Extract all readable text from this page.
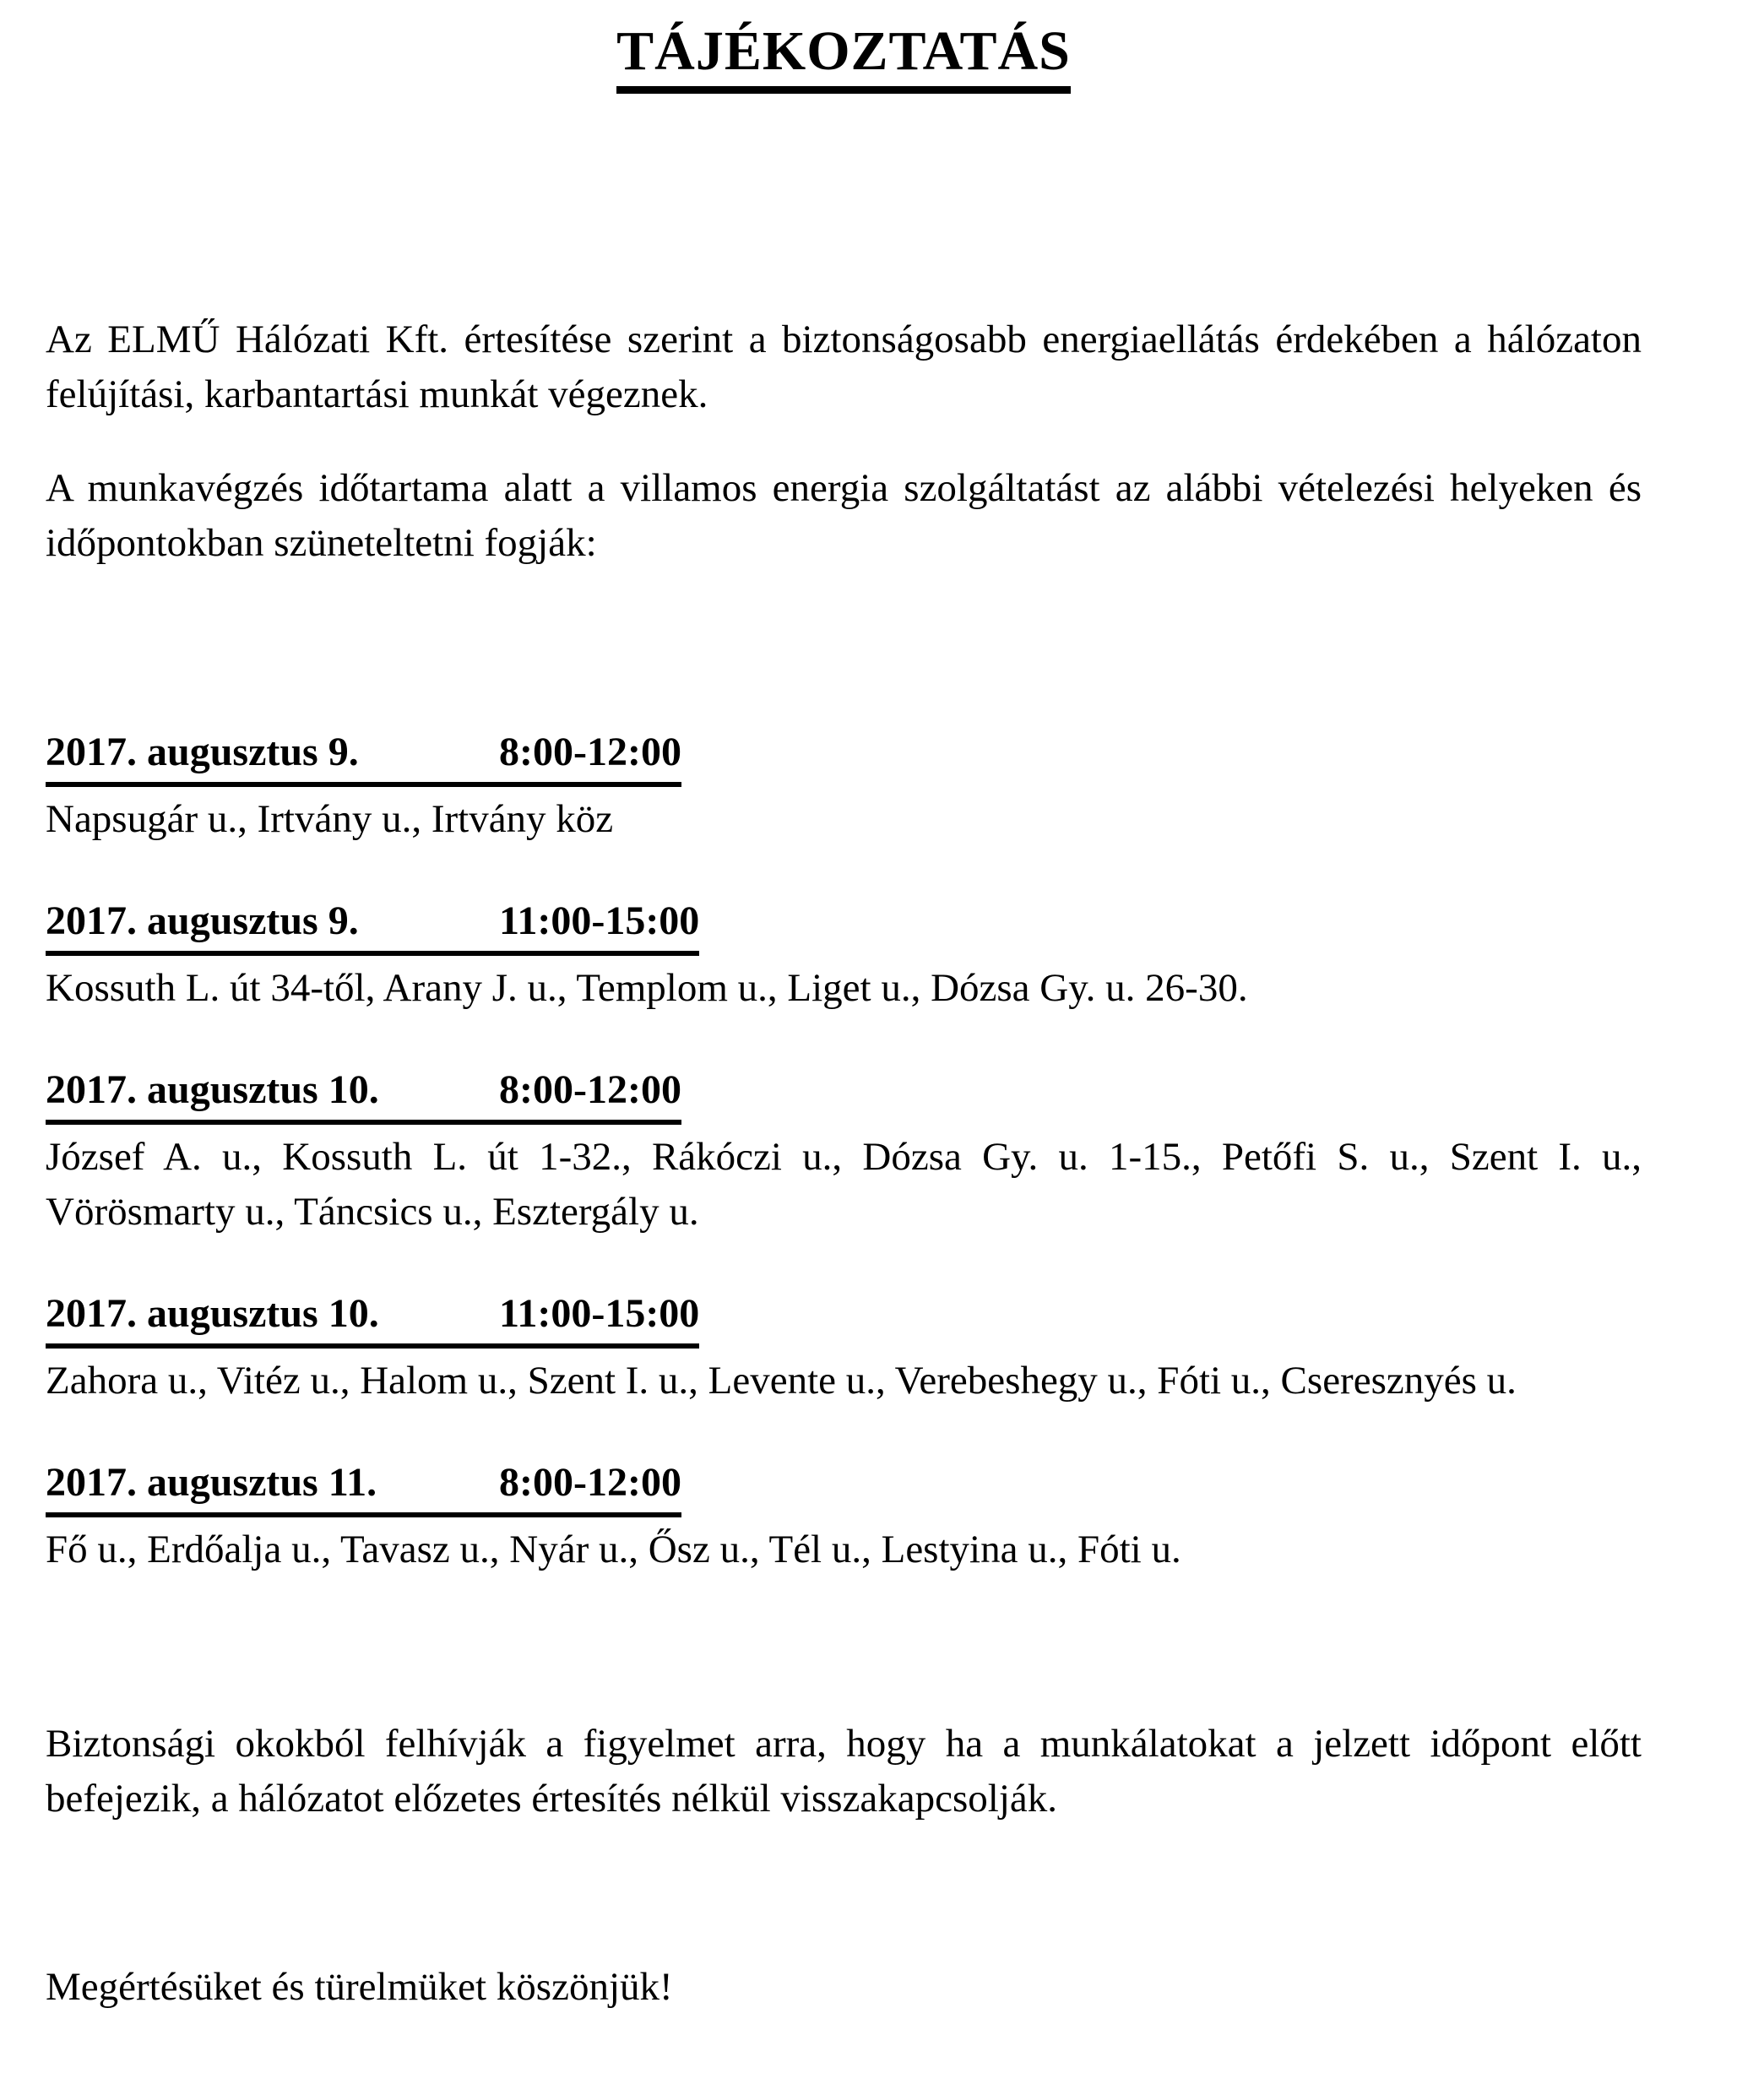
TÁJÉKOZTATÁS

Az ELMŰ Hálózati Kft. értesítése szerint a biztonságosabb energiaellátás érdekében a hálózaton felújítási, karbantartási munkát végeznek.

A munkavégzés időtartama alatt a villamos energia szolgáltatást az alábbi vételezési helyeken és időpontokban szüneteltetni fogják:

2017. augusztus 9.	8:00-12:00

Napsugár u., Irtvány u., Irtvány köz

2017. augusztus 9.	11:00-15:00

Kossuth L. út 34-től, Arany J. u., Templom u., Liget u., Dózsa Gy. u. 26-30.

2017. augusztus 10.	8:00-12:00

József A. u., Kossuth L. út 1-32., Rákóczi u., Dózsa Gy. u. 1-15., Petőfi S. u., Szent I. u., Vörösmarty u., Táncsics u., Esztergály u.

2017. augusztus 10.	11:00-15:00

Zahora u., Vitéz u., Halom u., Szent I. u., Levente u., Verebeshegy u., Fóti u., Cseresznyés u.

2017. augusztus 11.	8:00-12:00

Fő u., Erdőalja u., Tavasz u., Nyár u., Ősz u., Tél u., Lestyina u., Fóti u.

Biztonsági okokból felhívják a figyelmet arra, hogy ha a munkálatokat a jelzett időpont előtt befejezik, a hálózatot előzetes értesítés nélkül visszakapcsolják.

Megértésüket és türelmüket köszönjük!
